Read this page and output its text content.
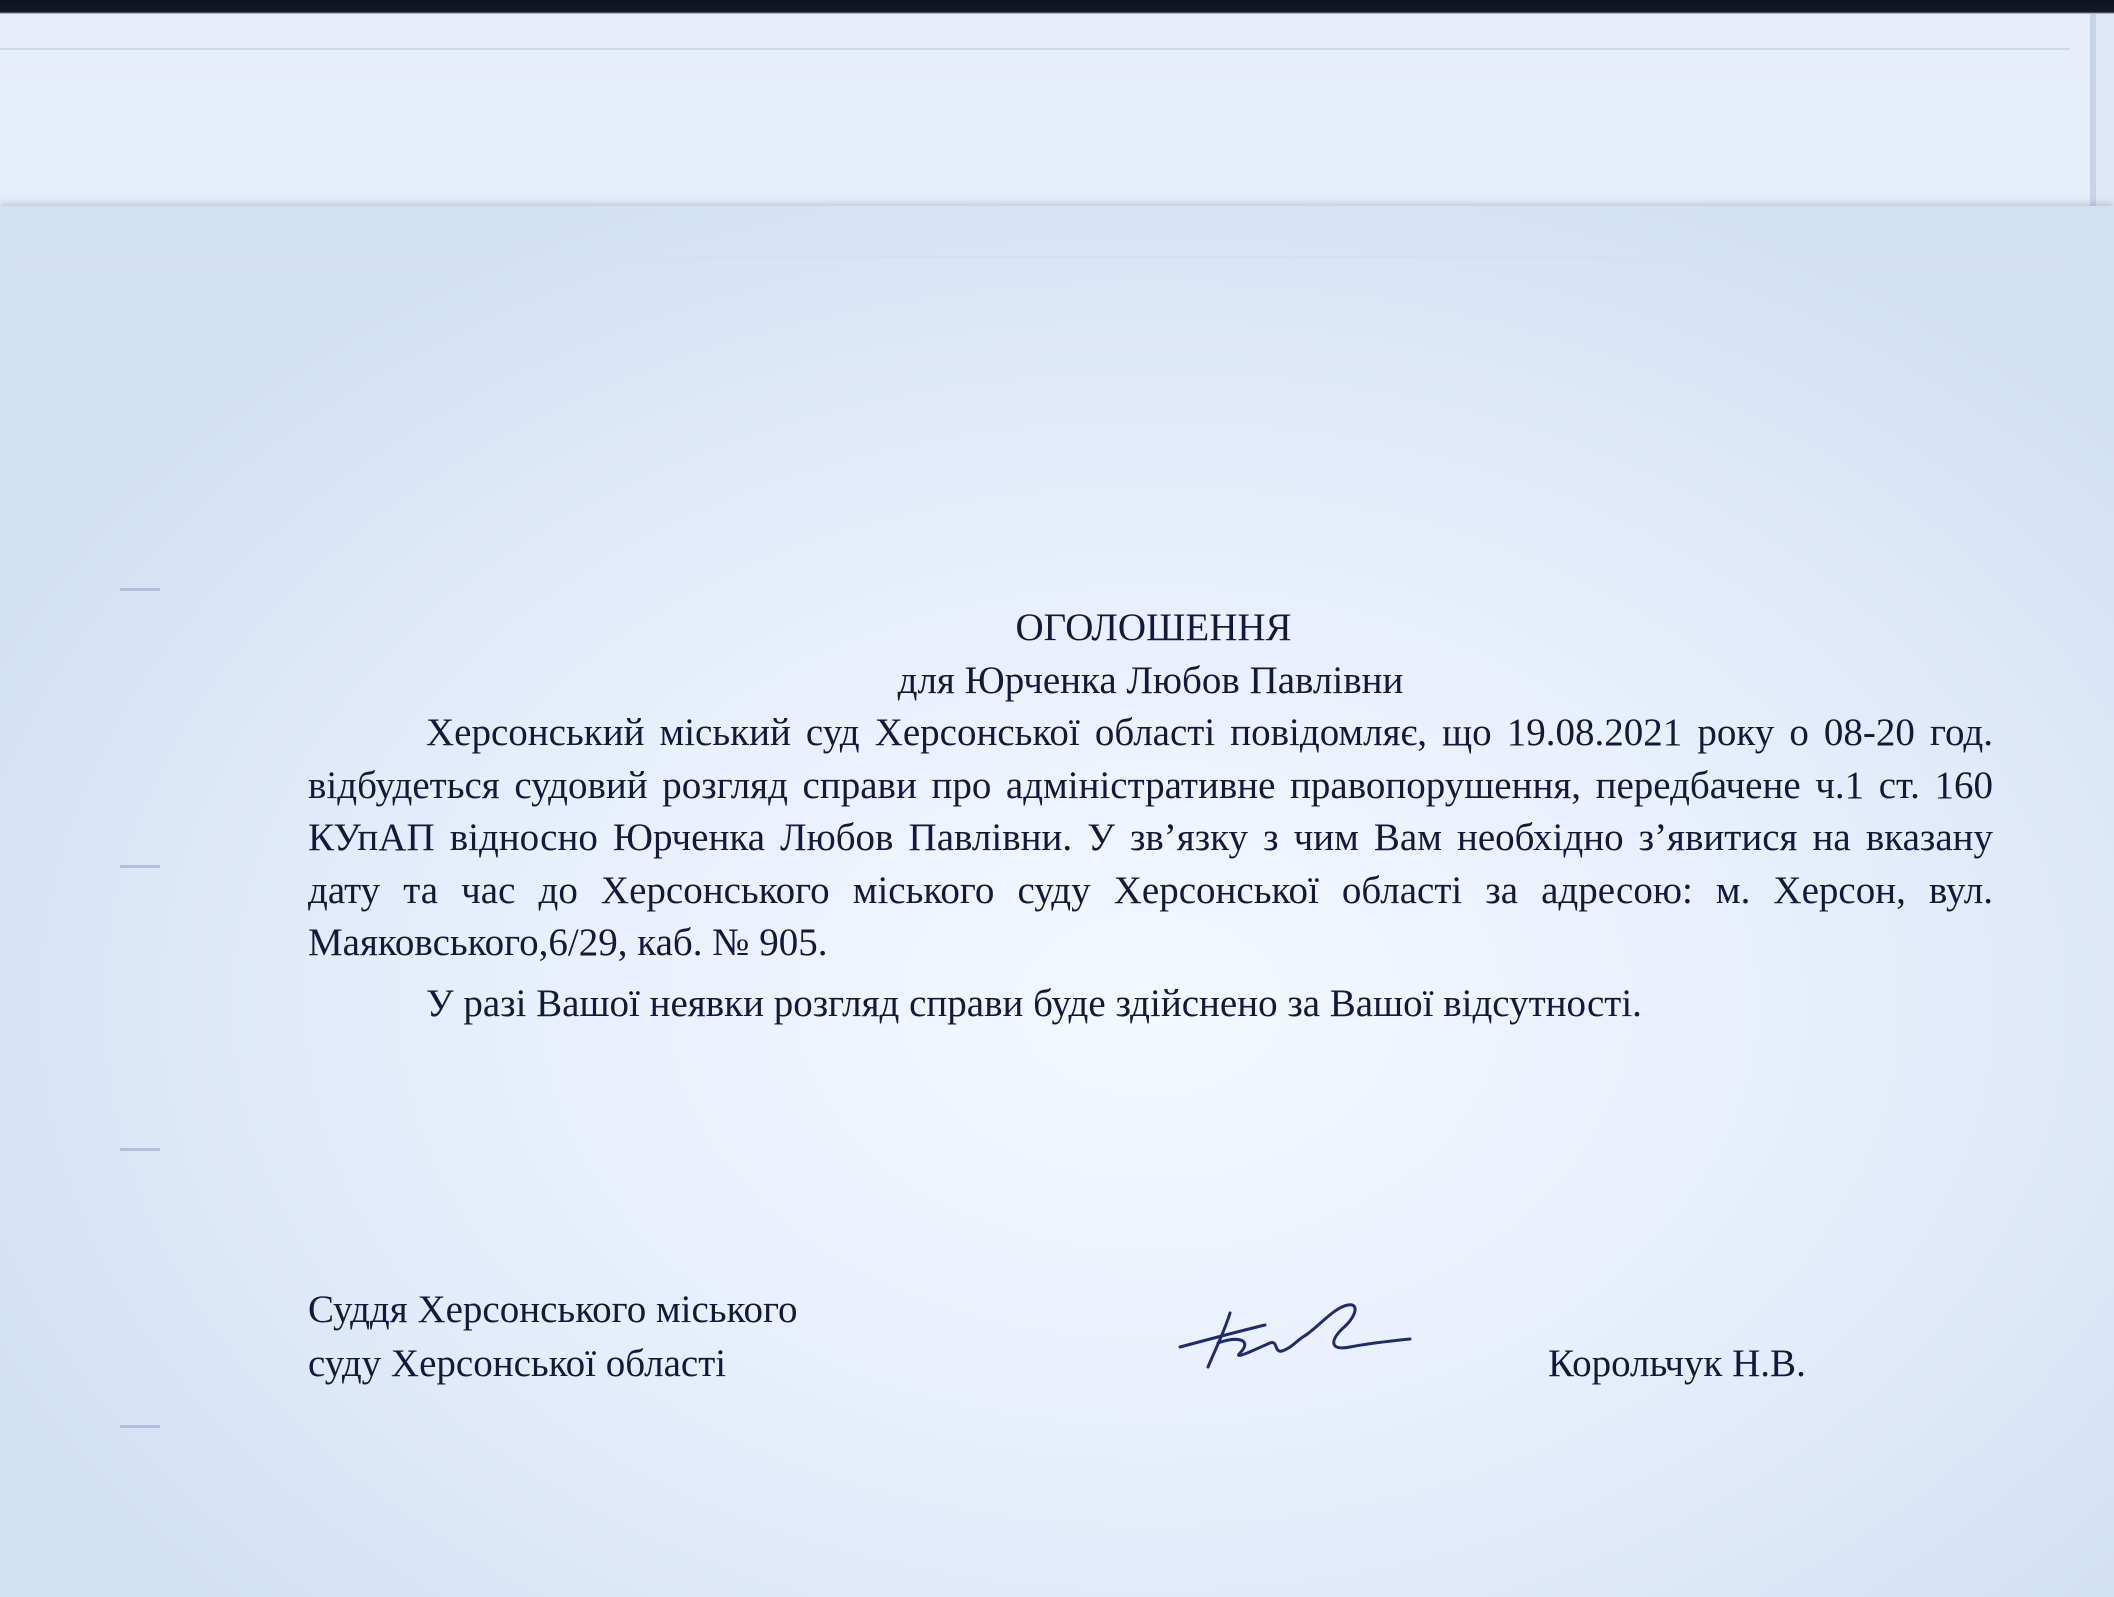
ОГОЛОШЕННЯ

для Юрченка Любов Павлівни

Херсонський міський суд Херсонської області повідомляє, що 19.08.2021 року о 08-20 год. відбудеться судовий розгляд справи про адміністративне правопорушення, передбачене ч.1 ст. 160 КУпАП відносно Юрченка Любов Павлівни. У зв’язку з чим Вам необхідно з’явитися на вказану дату та час до Херсонського міського суду Херсонської області за адресою: м. Херсон, вул. Маяковського,6/29, каб. № 905.

У разі Вашої неявки розгляд справи буде здійснено за Вашої відсутності.

Суддя Херсонського міського
суду Херсонської області	Корольчук Н.В.
